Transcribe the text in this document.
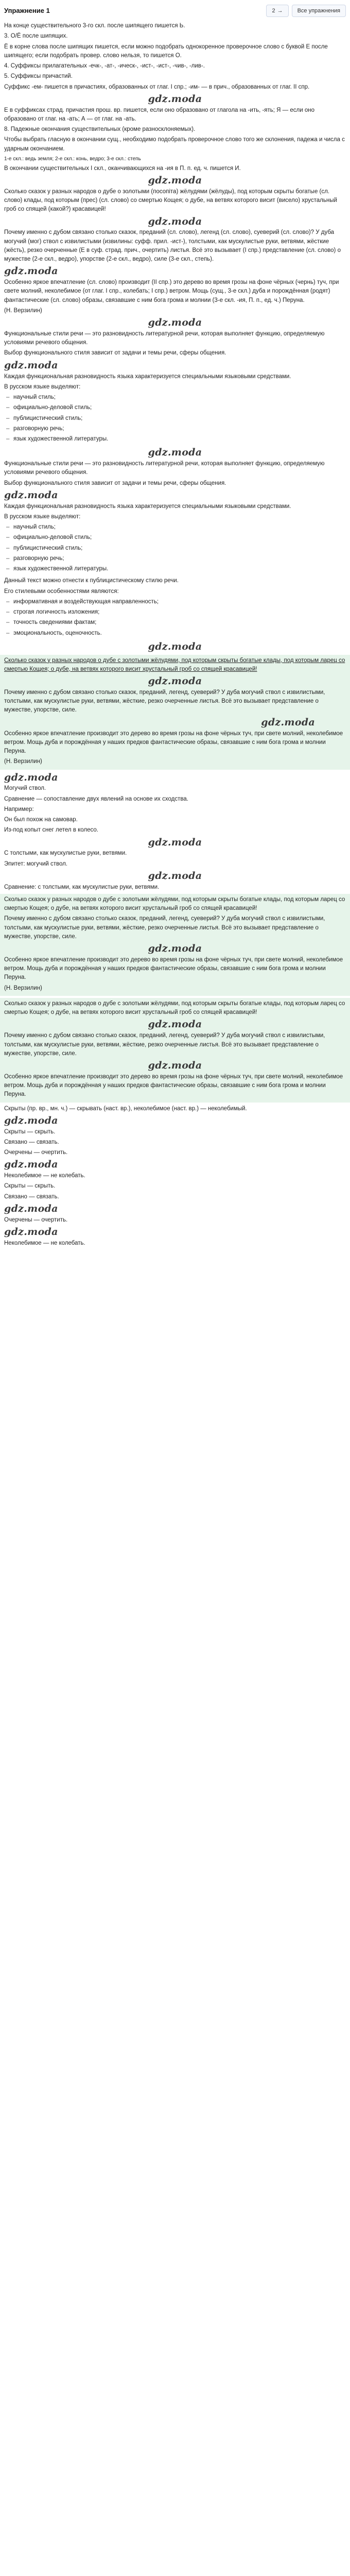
Упражнение 1	2 →	Все упражнения

На конце существительного 3-го скл. после шипящего пишется Ь.

3. О/Ё после шипящих.

Ё в корне слова после шипящих пишется, если можно подобрать однокоренное проверочное слово с буквой Е после шипящего; если подобрать провер. слово нельзя, то пишется О.

4. Суффиксы прилагательных -ечк-, -ат-, -ическ-, -ист-, -ист-, -чив-, -лив-.

5. Суффиксы причастий.

Суффикс -ем- пишется в причастиях, образованных от глаг. I спр.; -им- — в прич., образованных от глаг. II спр.

gdz.moda

Е в суффиксах страд. причастия прош. вр. пишется, если оно образовано от глагола на -ить, -ять; Я — если оно образовано от глаг. на -ать; А — от глаг. на -ать.

8. Падежные окончания существительных (кроме разносклоняемых).

Чтобы выбрать гласную в окончании сущ., необходимо подобрать проверочное слово того же склонения, падежа и числа с ударным окончанием.

1-е скл.: ведь земля; 2-е скл.: конь, ведро; 3-е скл.: степь

В окончании существительных I скл., оканчивающихся на -ия в П. п. ед. ч. пишется И.

gdz.moda

Сколько сказок у разных народов о дубе о золотыми (посопіта) жёлудями (жёлуды), под которым скрыты богатые (сл. слово) клады, под которым (прес) (сл. слово) со смертью Кощея; о дубе, на ветвях которого висит (висело) хрустальный гроб со спящей (какой?) красавицей!

gdz.moda

Почему именно с дубом связано столько сказок, преданий (сл. слово), легенд (сл. слово), суеверий (сл. слово)? У дуба могучий (мог) ствол с извилистыми (извилины: суфф. прил. -ист-), толстыми, как мускулистые руки, ветвями, жёсткие (жёсть), резко очерченные (Е в суф. страд. прич., очертить) листья. Всё это вызывает (I спр.) представление (сл. слово) о мужестве (2-е скл., ведро), упорстве (2-е скл., ведро), силе (3-е скл., степь).

gdz.moda

Особенно яркое впечатление (сл. слово) производит (II спр.) это дерево во время грозы на фоне чёрных (чернь) туч, при свете молний, неколебимое (от глаг. I спр., колебать; I спр.) ветром. Мощь (сущ., 3-е скл.) дуба и порождённая (родят) фантастические (сл. слово) образы, связавшие с ним бога грома и молнии (3-е скл. -ия, П. п., ед. ч.) Перуна.

(Н. Верзилин)

gdz.moda

Функциональные стили речи — это разновидность литературной речи, которая выполняет функцию, определяемую условиями речевого общения.

Выбор функционального стиля зависит от задачи и темы речи, сферы общения.

gdz.moda

Каждая функциональная разновидность языка характеризуется специальными языковыми средствами.

В русском языке выделяют:

– научный стиль;
– официально-деловой стиль;
– публицистический стиль;
– разговорную речь;
– язык художественной литературы.
gdz.moda

Функциональные стили речи — это разновидность литературной речи, которая выполняет функцию, определяемую условиями речевого общения.

Выбор функционального стиля зависит от задачи и темы речи, сферы общения.

gdz.moda

Каждая функциональная разновидность языка характеризуется специальными языковыми средствами.

В русском языке выделяют:

– научный стиль;
– официально-деловой стиль;
– публицистический стиль;
– разговорную речь;
– язык художественной литературы.

Данный текст можно отнести к публицистическому стилю речи.

Его стилевыми особенностями являются:

– информативная и воздействующая направленность;
– строгая логичность изложения;
– точность сведениями фактам;
– эмоциональность, оценочность.
gdz.moda

Сколько сказок у разных народов о дубе с золотыми жёлудями, под которым скрыты богатые клады, под которым ларец со смертью Кощея; о дубе, на ветвях которого висит хрустальный гроб со спящей красавицей!

gdz.moda

Почему именно с дубом связано столько сказок, преданий, легенд, суеверий? У дуба могучий ствол с извилистыми, толстыми, как мускулистые руки, ветвями, жёсткие, резко очерченные листья. Всё это вызывает представление о мужестве, упорстве, силе.

gdz.moda

Особенно яркое впечатление производит это дерево во время грозы на фоне чёрных туч, при свете молний, неколебимое ветром. Мощь дуба и порождённая у наших предков фантастические образы, связавшие с ним бога грома и молнии Перуна.

(Н. Верзилин)

gdz.moda

Могучий ствол.

Сравнение — сопоставление двух явлений на основе их сходства.

Например:

Он был похож на самовар.

Из-под копыт снег летел в колесо.

gdz.moda

С толстыми, как мускулистые руки, ветвями.

Эпитет: могучий ствол.

gdz.moda

Сравнение: с толстыми, как мускулистые руки, ветвями.

Сколько сказок у разных народов о дубе с золотыми жёлудями, под которым скрыты богатые клады, под которым ларец со смертью Кощея; о дубе, на ветвях которого висит хрустальный гроб со спящей красавицей!

Почему именно с дубом связано столько сказок, преданий, легенд, суеверий? У дуба могучий ствол с извилистыми, толстыми, как мускулистые руки, ветвями, жёсткие, резко очерченные листья. Всё это вызывает представление о мужестве, упорстве, силе.

gdz.moda

Особенно яркое впечатление производит это дерево во время грозы на фоне чёрных туч, при свете молний, неколебимое ветром. Мощь дуба и порождённая у наших предков фантастические образы, связавшие с ним бога грома и молнии Перуна.

(Н. Верзилин)

Сколько сказок у разных народов о дубе с золотыми жёлудями, под которым скрыты богатые клады, под которым ларец со смертью Кощея; о дубе, на ветвях которого висит хрустальный гроб со спящей красавицей!

gdz.moda

Почему именно с дубом связано столько сказок, преданий, легенд, суеверий? У дуба могучий ствол с извилистыми, толстыми, как мускулистые руки, ветвями, жёсткие, резко очерченные листья. Всё это вызывает представление о мужестве, упорстве, силе.

gdz.moda

Особенно яркое впечатление производит это дерево во время грозы на фоне чёрных туч, при свете молний, неколебимое ветром. Мощь дуба и порождённая у наших предков фантастические образы, связавшие с ним бога грома и молнии Перуна.

Скрыты (пр. вр., мн. ч.) — скрывать (наст. вр.), неколебимое (наст. вр.) — неколебимый.

gdz.moda

Скрыты — скрыть.

Связано — связать.

Очерчены — очертить.

gdz.moda

Неколебимое — не колебать.

Скрыты — скрыть.

Связано — связать.

gdz.moda

Очерчены — очертить.

gdz.moda

Неколебимое — не колебать.
